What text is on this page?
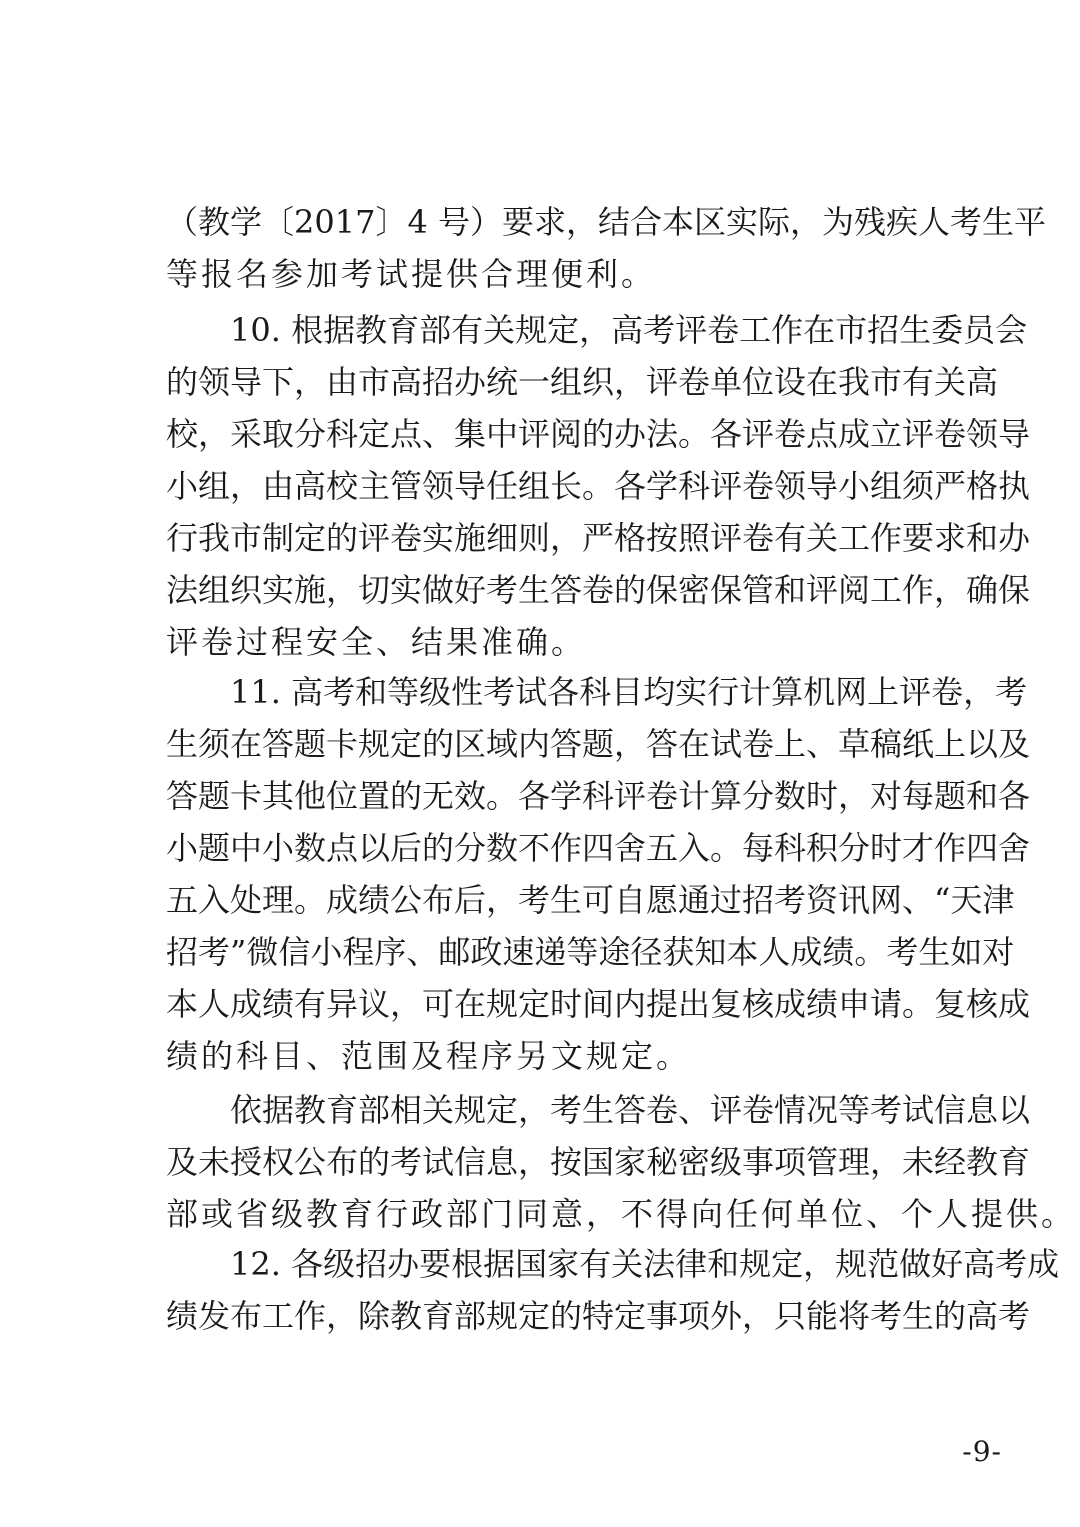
（教学〔2017〕4 号）要求，结合本区实际，为残疾人考生平
等报名参加考试提供合理便利。
　　10. 根据教育部有关规定，高考评卷工作在市招生委员会
的领导下，由市高招办统一组织，评卷单位设在我市有关高
校，采取分科定点、集中评阅的办法。各评卷点成立评卷领导
小组，由高校主管领导任组长。各学科评卷领导小组须严格执
行我市制定的评卷实施细则，严格按照评卷有关工作要求和办
法组织实施，切实做好考生答卷的保密保管和评阅工作，确保
评卷过程安全、结果准确。
　　11. 高考和等级性考试各科目均实行计算机网上评卷，考
生须在答题卡规定的区域内答题，答在试卷上、草稿纸上以及
答题卡其他位置的无效。各学科评卷计算分数时，对每题和各
小题中小数点以后的分数不作四舍五入。每科积分时才作四舍
五入处理。成绩公布后，考生可自愿通过招考资讯网、“天津
招考”微信小程序、邮政速递等途径获知本人成绩。考生如对
本人成绩有异议，可在规定时间内提出复核成绩申请。复核成
绩的科目、范围及程序另文规定。
　　依据教育部相关规定，考生答卷、评卷情况等考试信息以
及未授权公布的考试信息，按国家秘密级事项管理，未经教育
部或省级教育行政部门同意，不得向任何单位、个人提供。
　　12. 各级招办要根据国家有关法律和规定，规范做好高考成
绩发布工作，除教育部规定的特定事项外，只能将考生的高考
-9-
